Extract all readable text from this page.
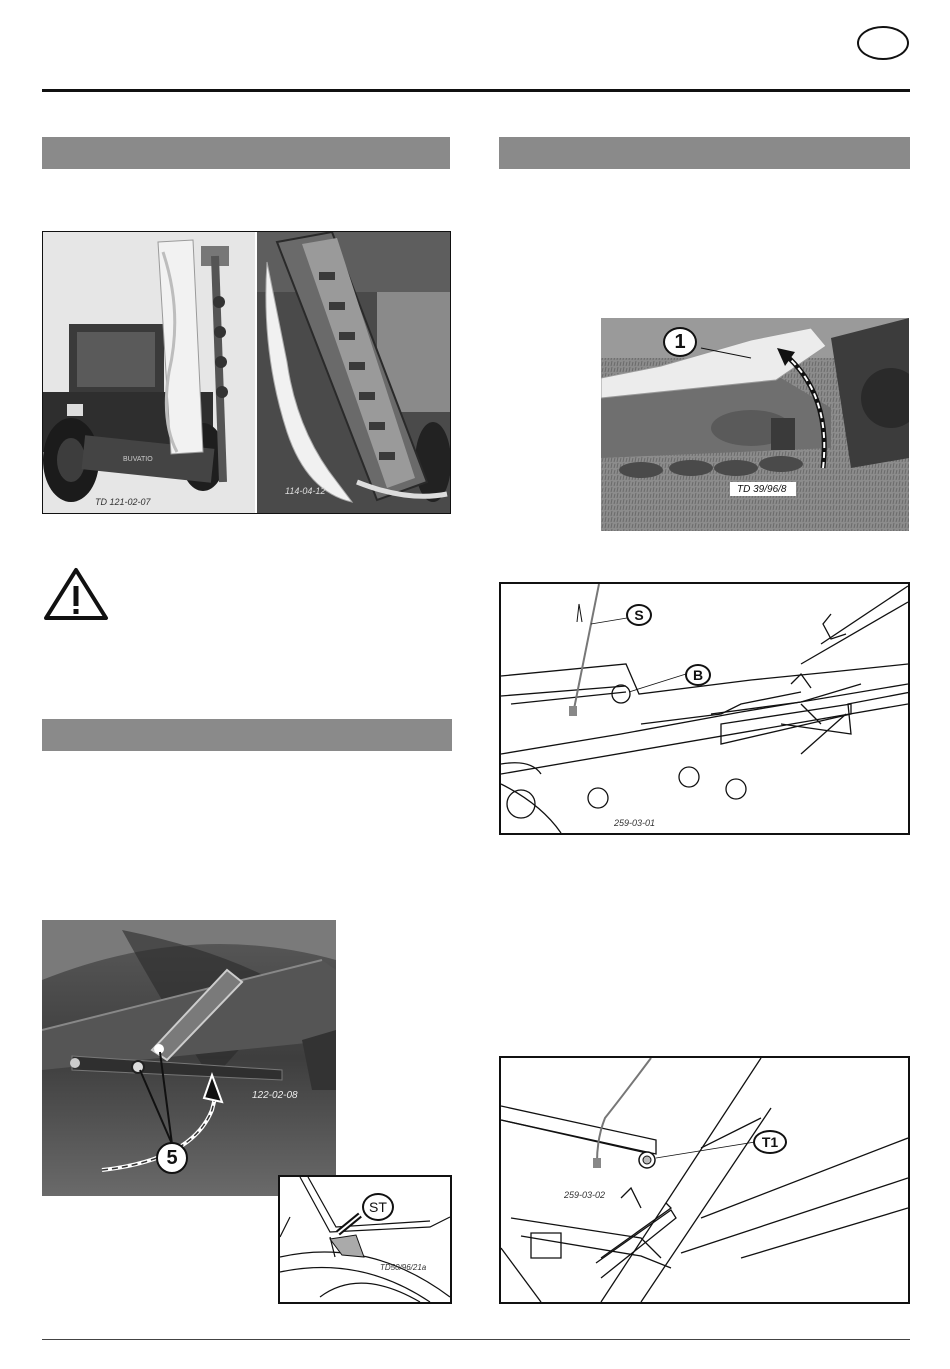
TD 121-02-07
BUVATIO
114-04-12	TD 39/96/8
1
259-03-01
S
B
122-02-08
5
TD50/96/21a
ST
259-03-02
T1
